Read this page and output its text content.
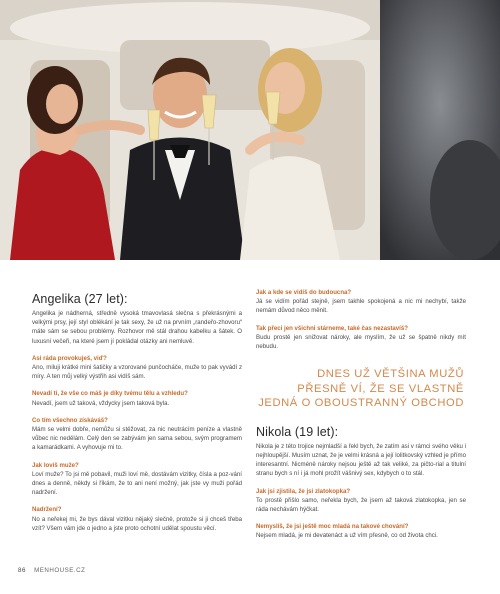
Angelika (27 let):

Angelika je nádherná, středně vysoká tmavovlasá slečna s překrásnými a velkými prsy, její styl oblékání je tak sexy, že už na prvním „randeřo-zhovoru“ máte sám se sebou problémy. Rozhovor mě stál drahou kabelku a šátek. O luxusní večeři, na které jsem jí pokládal otázky ani nemluvě.

Asi ráda provokuješ, viď?

Ano, miluji krátké mini šatičky a vzorované punčocháče, muže to pak vyvádí z míry. A ten můj velký výstřih asi vidíš sám.

Nevadí ti, že vše co máš je díky tvému tělu a vzhledu?

Nevadí, jsem už taková, vždycky jsem taková byla.

Co tím všechno získáváš?

Mám se velmi dobře, nemůžu si stěžovat, za nic neutrácím peníze a vlastně vůbec nic nedělám. Celý den se zabývám jen sama sebou, svým programem a kamarádkami. A vyhovuje mi to.

Jak lovíš muže?

Loví muže? To jsi mě pobavil, muži loví mě, dostávám vizitky, čísla a poz-vání dnes a denně, někdy si říkám, že to ani není možný, jak jste vy muži pořád nadržení.

Nadržení?

No a neřekej mi, že bys dával vizitku nějaký slečně, protože si ji chceš třeba vzít? Všem vám jde o jedno a jste proto ochotní udělat spoustu věcí.

Jak a kde se vidíš do budoucna?

Já se vidím pořád stejně, jsem takhle spokojená a nic mi nechybí, takže nemám důvod něco měnit.

Tak přeci jen všichni stárneme, také čas nezastavíš?

Budu prostě jen snižovat nároky, ale myslím, že už se špatně nikdy mít nebudu.

DNES UŽ VĚTŠINA MUŽŮ
PŘESNĚ VÍ, ŽE SE VLASTNĚ
JEDNÁ O OBOUSTRANNÝ OBCHOD
Nikola (19 let):

Nikola je z této trojice nejmladší a řekl bych, že zatím asi v rámci svého věku i nejhloupější. Musím uznat, že je velmi krásná a její lolitkovský vzhled je přímo interesantní. Nicméně nároky nejsou ještě až tak veliké, za pičto-rial a titulní stranu bych s ní i já mohl prožít vášnivý sex, kdybych o to stál.

Jak jsi zjistila, že jsi zlatokopka?

To prostě přišlo samo, neřekla bych, že jsem až taková zlatokopka, jen se ráda nechávám hýčkat.

Nemyslíš, že jsi ještě moc mladá na takové chování?

Nejsem mladá, je mi devatenáct a už vím přesně, co od života chci.

86 MENHOUSE.CZ
